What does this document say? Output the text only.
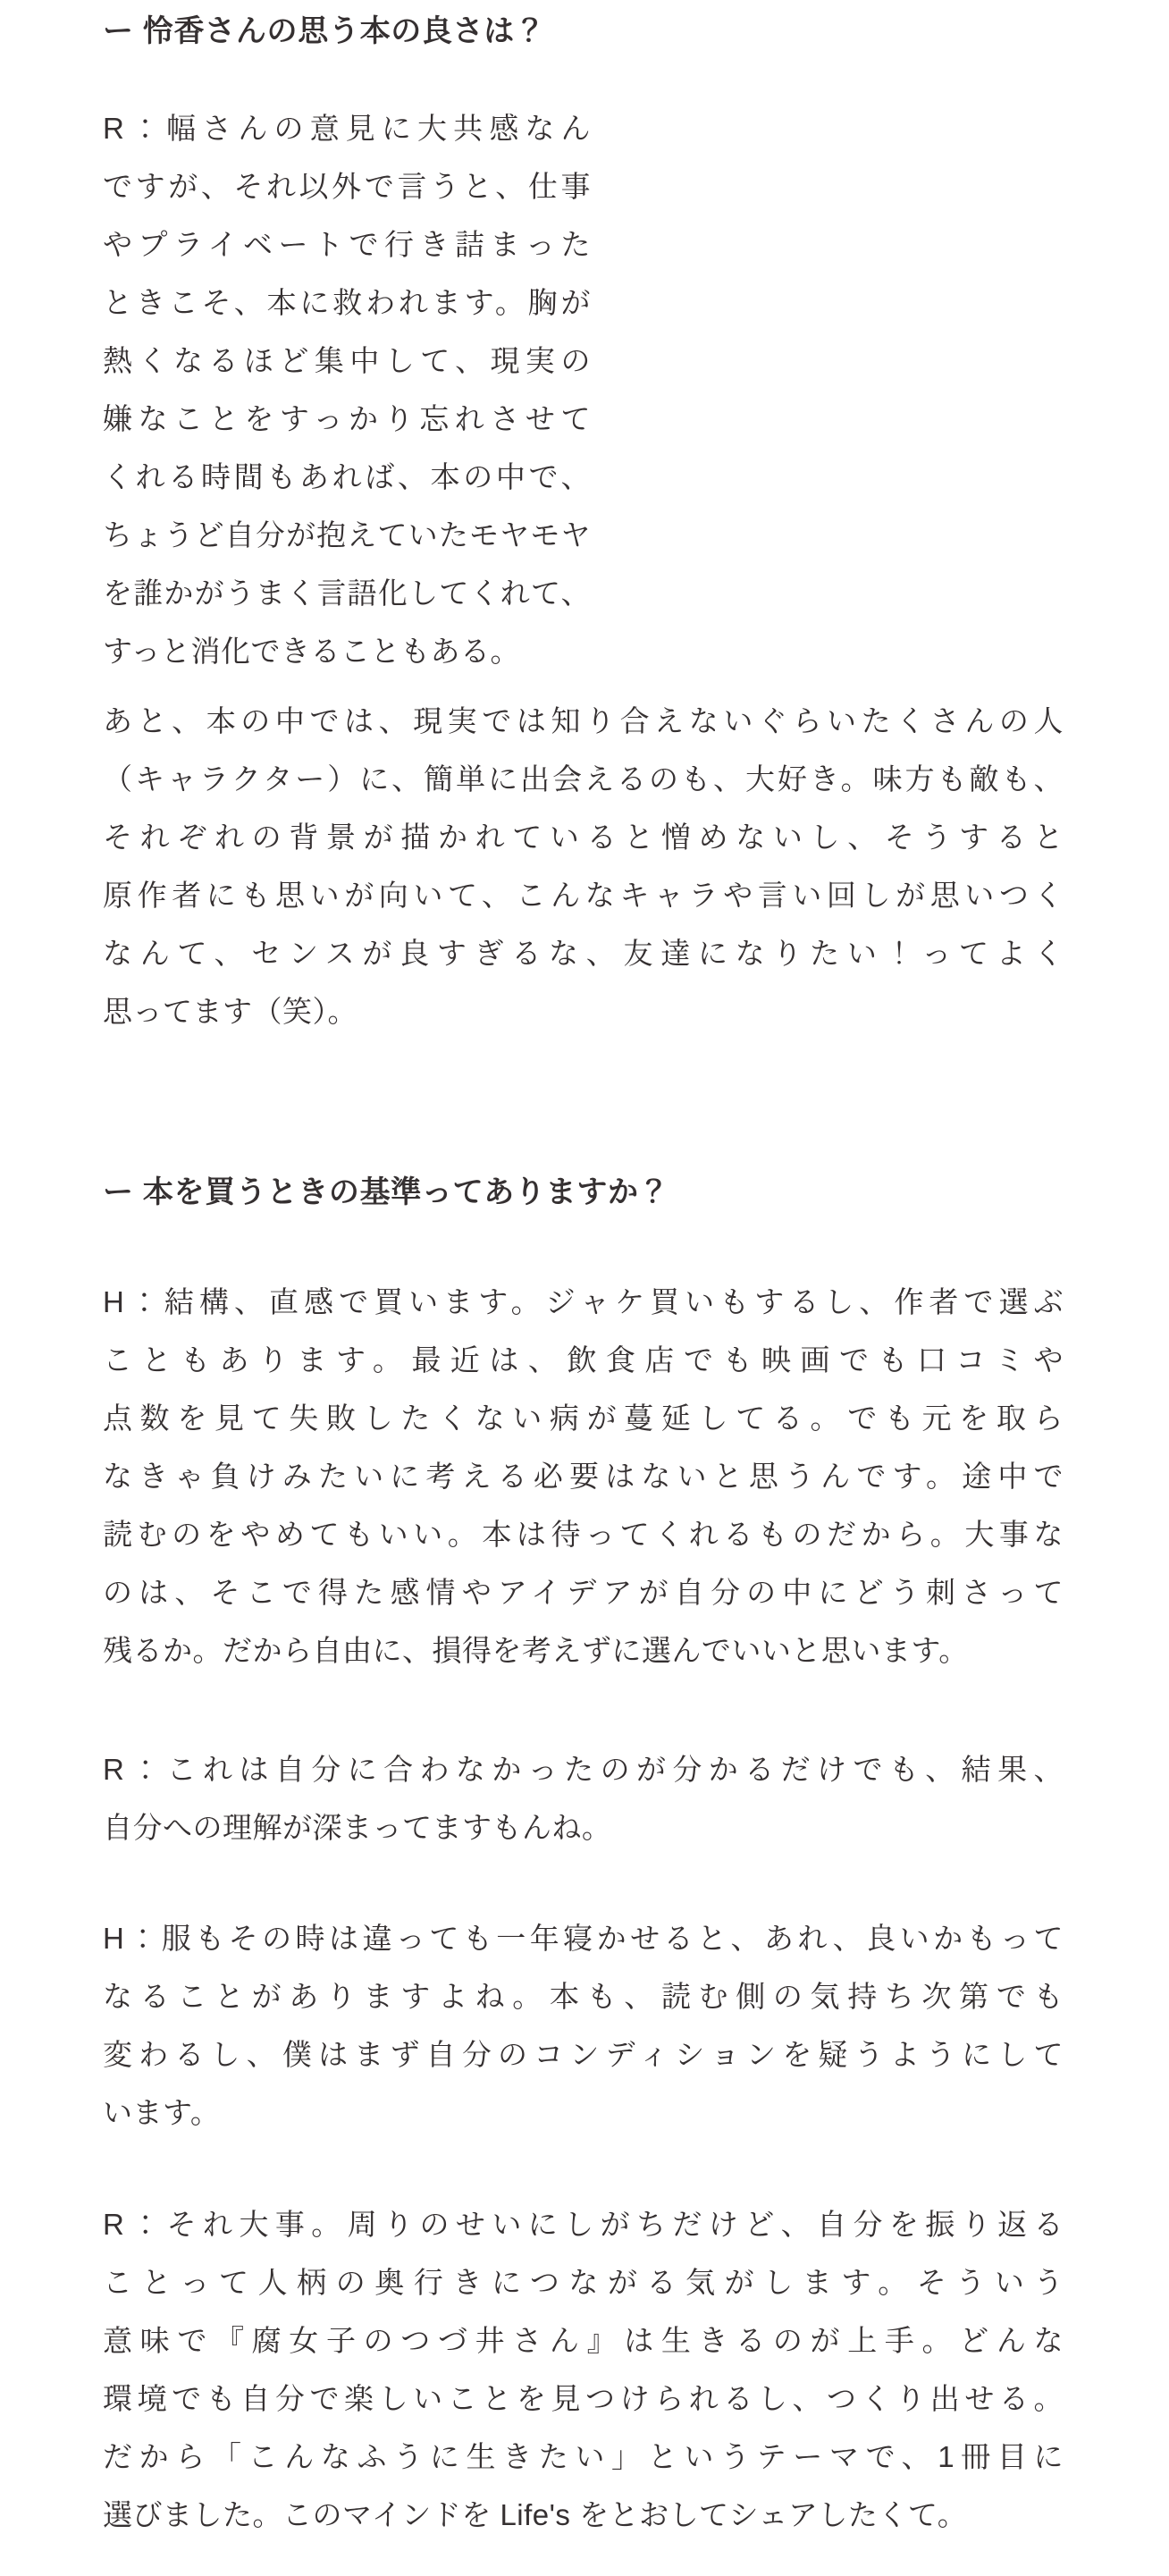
ー 怜香さんの思う本の良さは？
R：幅さんの意見に大共感なん
ですが、それ以外で言うと、仕事
やプライベートで行き詰まった
ときこそ、本に救われます。胸が
熱くなるほど集中して、現実の
嫌なことをすっかり忘れさせて
くれる時間もあれば、本の中で、
ちょうど自分が抱えていたモヤモヤ
を誰かがうまく言語化してくれて、
すっと消化できることもある。
あと、本の中では、現実では知り合えないぐらいたくさんの人
（キャラクター）に、簡単に出会えるのも、大好き。味方も敵も、
それぞれの背景が描かれていると憎めないし、そうすると
原作者にも思いが向いて、こんなキャラや言い回しが思いつく
なんて、センスが良すぎるな、友達になりたい！ってよく
思ってます（笑）。
ー 本を買うときの基準ってありますか？
H：結構、直感で買います。ジャケ買いもするし、作者で選ぶ
こともあります。最近は、飲食店でも映画でも口コミや
点数を見て失敗したくない病が蔓延してる。でも元を取ら
なきゃ負けみたいに考える必要はないと思うんです。途中で
読むのをやめてもいい。本は待ってくれるものだから。大事な
のは、そこで得た感情やアイデアが自分の中にどう刺さって
残るか。だから自由に、損得を考えずに選んでいいと思います。
R：これは自分に合わなかったのが分かるだけでも、結果、
自分への理解が深まってますもんね。
H：服もその時は違っても一年寝かせると、あれ、良いかもって
なることがありますよね。本も、読む側の気持ち次第でも
変わるし、僕はまず自分のコンディションを疑うようにして
います。
R：それ大事。周りのせいにしがちだけど、自分を振り返る
ことって人柄の奥行きにつながる気がします。そういう
意味で『腐女子のつづ井さん』は生きるのが上手。どんな
環境でも自分で楽しいことを見つけられるし、つくり出せる。
だから「こんなふうに生きたい」というテーマで、1冊目に
選びました。このマインドを Life's をとおしてシェアしたくて。
